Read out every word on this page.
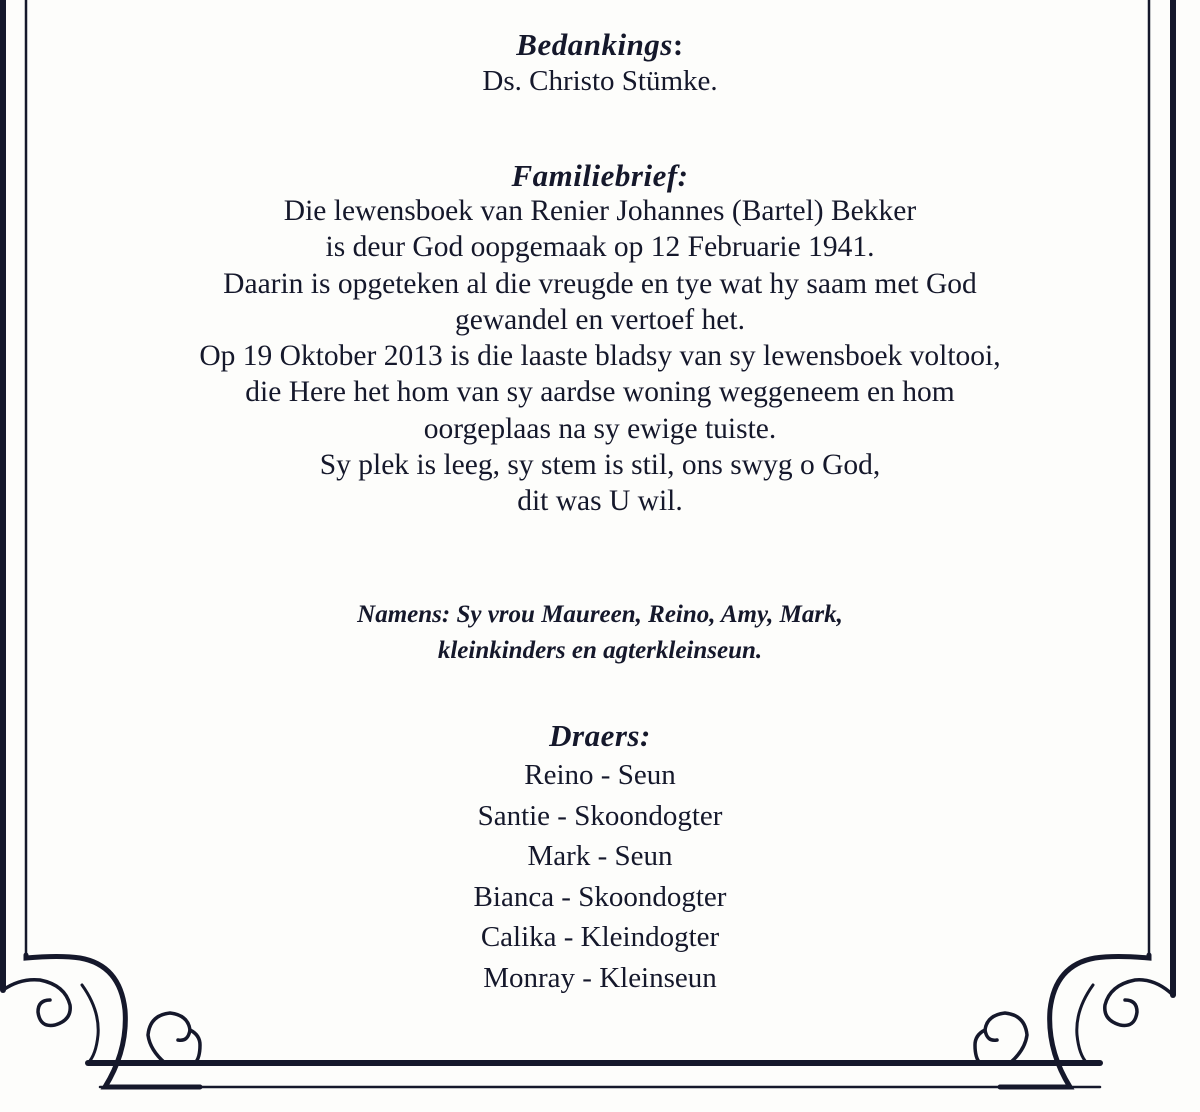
Bedankings:
Ds. Christo Stümke.
Familiebrief:
Die lewensboek van Renier Johannes (Bartel) Bekker
is deur God oopgemaak op 12 Februarie 1941.
Daarin is opgeteken al die vreugde en tye wat hy saam met God
gewandel en vertoef het.
Op 19 Oktober 2013 is die laaste bladsy van sy lewensboek voltooi,
die Here het hom van sy aardse woning weggeneem en hom
oorgeplaas na sy ewige tuiste.
Sy plek is leeg, sy stem is stil, ons swyg o God,
dit was U wil.
Namens: Sy vrou Maureen, Reino, Amy, Mark,
kleinkinders en agterkleinseun.
Draers:
Reino - Seun
Santie - Skoondogter
Mark - Seun
Bianca - Skoondogter
Calika - Kleindogter
Monray - Kleinseun
